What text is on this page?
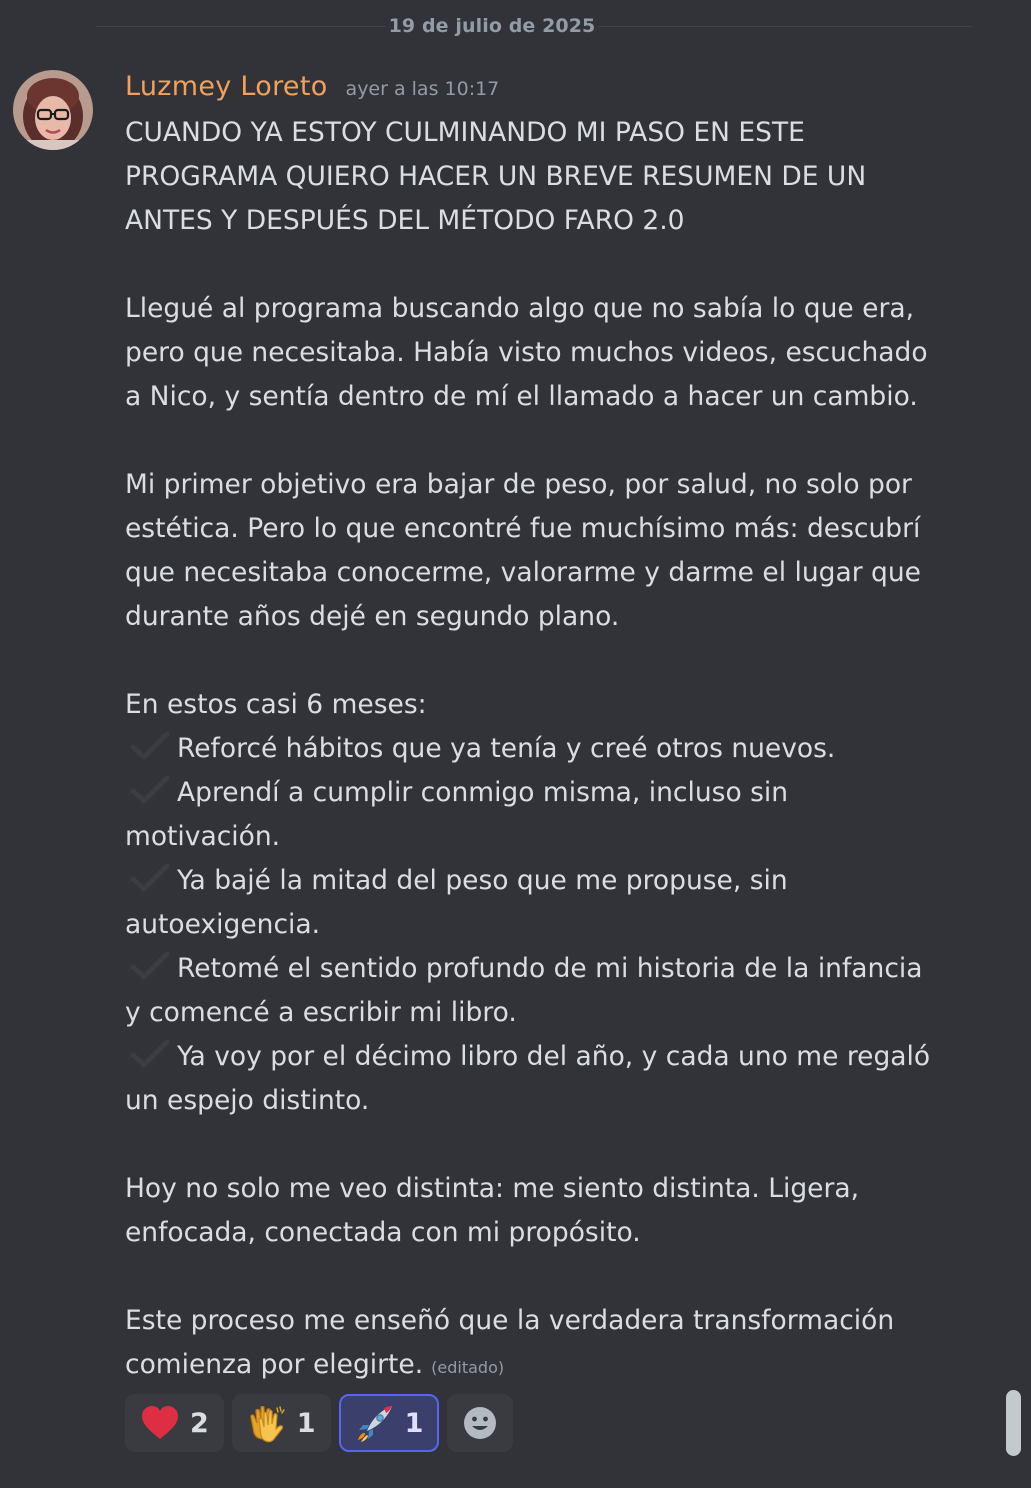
19 de julio de 2025
Luzmey Loreto ayer a las 10:17

CUANDO YA ESTOY CULMINANDO MI PASO EN ESTE

PROGRAMA QUIERO HACER UN BREVE RESUMEN DE UN

ANTES Y DESPUÉS DEL MÉTODO FARO 2.0

Llegué al programa buscando algo que no sabía lo que era,

pero que necesitaba. Había visto muchos videos, escuchado

a Nico, y sentía dentro de mí el llamado a hacer un cambio.

Mi primer objetivo era bajar de peso, por salud, no solo por

estética. Pero lo que encontré fue muchísimo más: descubrí

que necesitaba conocerme, valorarme y darme el lugar que

durante años dejé en segundo plano.

En estos casi 6 meses:

Reforcé hábitos que ya tenía y creé otros nuevos.

Aprendí a cumplir conmigo misma, incluso sin

motivación.

Ya bajé la mitad del peso que me propuse, sin

autoexigencia.

Retomé el sentido profundo de mi historia de la infancia

y comencé a escribir mi libro.

Ya voy por el décimo libro del año, y cada uno me regaló

un espejo distinto.

Hoy no solo me veo distinta: me siento distinta. Ligera,

enfocada, conectada con mi propósito.

Este proceso me enseñó que la verdadera transformación

comienza por elegirte. (editado)

2	1	1
